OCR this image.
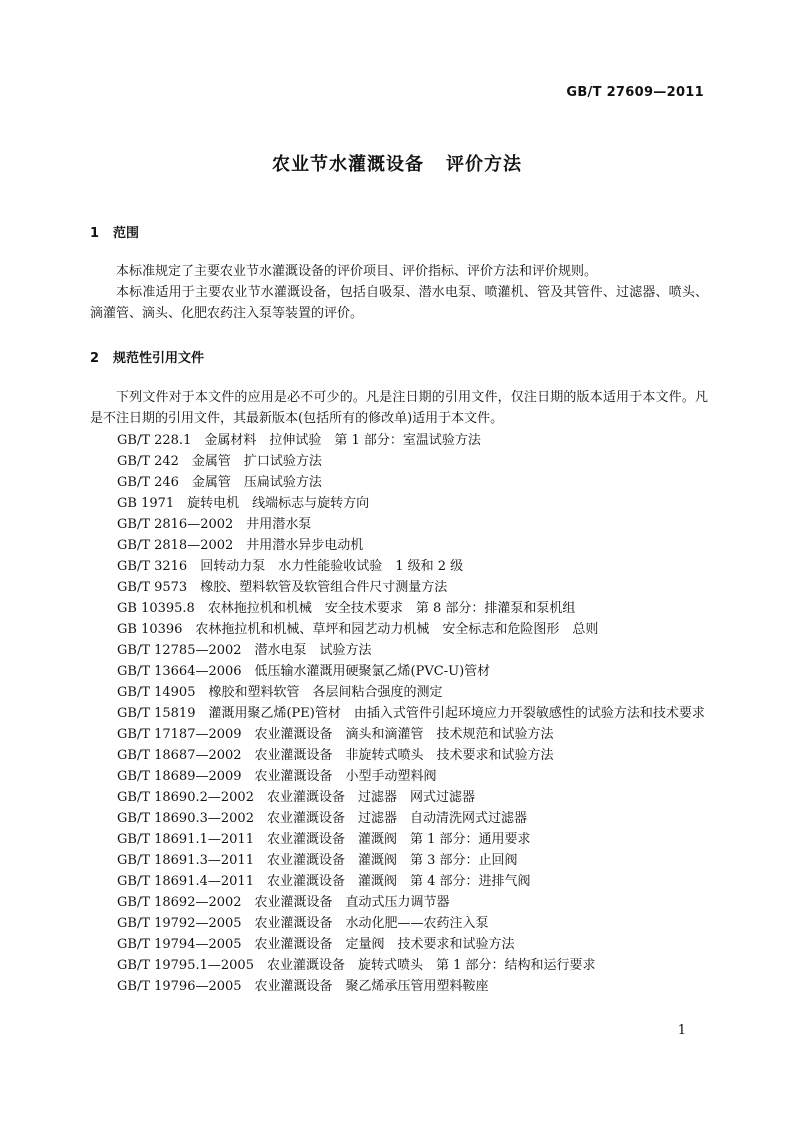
GB/T 27609—2011
农业节水灌溉设备 评价方法
1 范围

本标准规定了主要农业节水灌溉设备的评价项目、评价指标、评价方法和评价规则。

本标准适用于主要农业节水灌溉设备，包括自吸泵、潜水电泵、喷灌机、管及其管件、过滤器、喷头、滴灌管、滴头、化肥农药注入泵等装置的评价。

2 规范性引用文件

下列文件对于本文件的应用是必不可少的。凡是注日期的引用文件，仅注日期的版本适用于本文件。凡是不注日期的引用文件，其最新版本(包括所有的修改单)适用于本文件。

GB/T 228.1　金属材料　拉伸试验　第 1 部分：室温试验方法
GB/T 242　金属管　扩口试验方法
GB/T 246　金属管　压扁试验方法
GB 1971　旋转电机　线端标志与旋转方向
GB/T 2816—2002　井用潜水泵
GB/T 2818—2002　井用潜水异步电动机
GB/T 3216　回转动力泵　水力性能验收试验　1 级和 2 级
GB/T 9573　橡胶、塑料软管及软管组合件尺寸测量方法
GB 10395.8　农林拖拉机和机械　安全技术要求　第 8 部分：排灌泵和泵机组
GB 10396　农林拖拉机和机械、草坪和园艺动力机械　安全标志和危险图形　总则
GB/T 12785—2002　潜水电泵　试验方法
GB/T 13664—2006　低压输水灌溉用硬聚氯乙烯(PVC-U)管材
GB/T 14905　橡胶和塑料软管　各层间粘合强度的测定
GB/T 15819　灌溉用聚乙烯(PE)管材　由插入式管件引起环境应力开裂敏感性的试验方法和技术要求
GB/T 17187—2009　农业灌溉设备　滴头和滴灌管　技术规范和试验方法
GB/T 18687—2002　农业灌溉设备　非旋转式喷头　技术要求和试验方法
GB/T 18689—2009　农业灌溉设备　小型手动塑料阀
GB/T 18690.2—2002　农业灌溉设备　过滤器　网式过滤器
GB/T 18690.3—2002　农业灌溉设备　过滤器　自动清洗网式过滤器
GB/T 18691.1—2011　农业灌溉设备　灌溉阀　第 1 部分：通用要求
GB/T 18691.3—2011　农业灌溉设备　灌溉阀　第 3 部分：止回阀
GB/T 18691.4—2011　农业灌溉设备　灌溉阀　第 4 部分：进排气阀
GB/T 18692—2002　农业灌溉设备　直动式压力调节器
GB/T 19792—2005　农业灌溉设备　水动化肥——农药注入泵
GB/T 19794—2005　农业灌溉设备　定量阀　技术要求和试验方法
GB/T 19795.1—2005　农业灌溉设备　旋转式喷头　第 1 部分：结构和运行要求
GB/T 19796—2005　农业灌溉设备　聚乙烯承压管用塑料鞍座
1
